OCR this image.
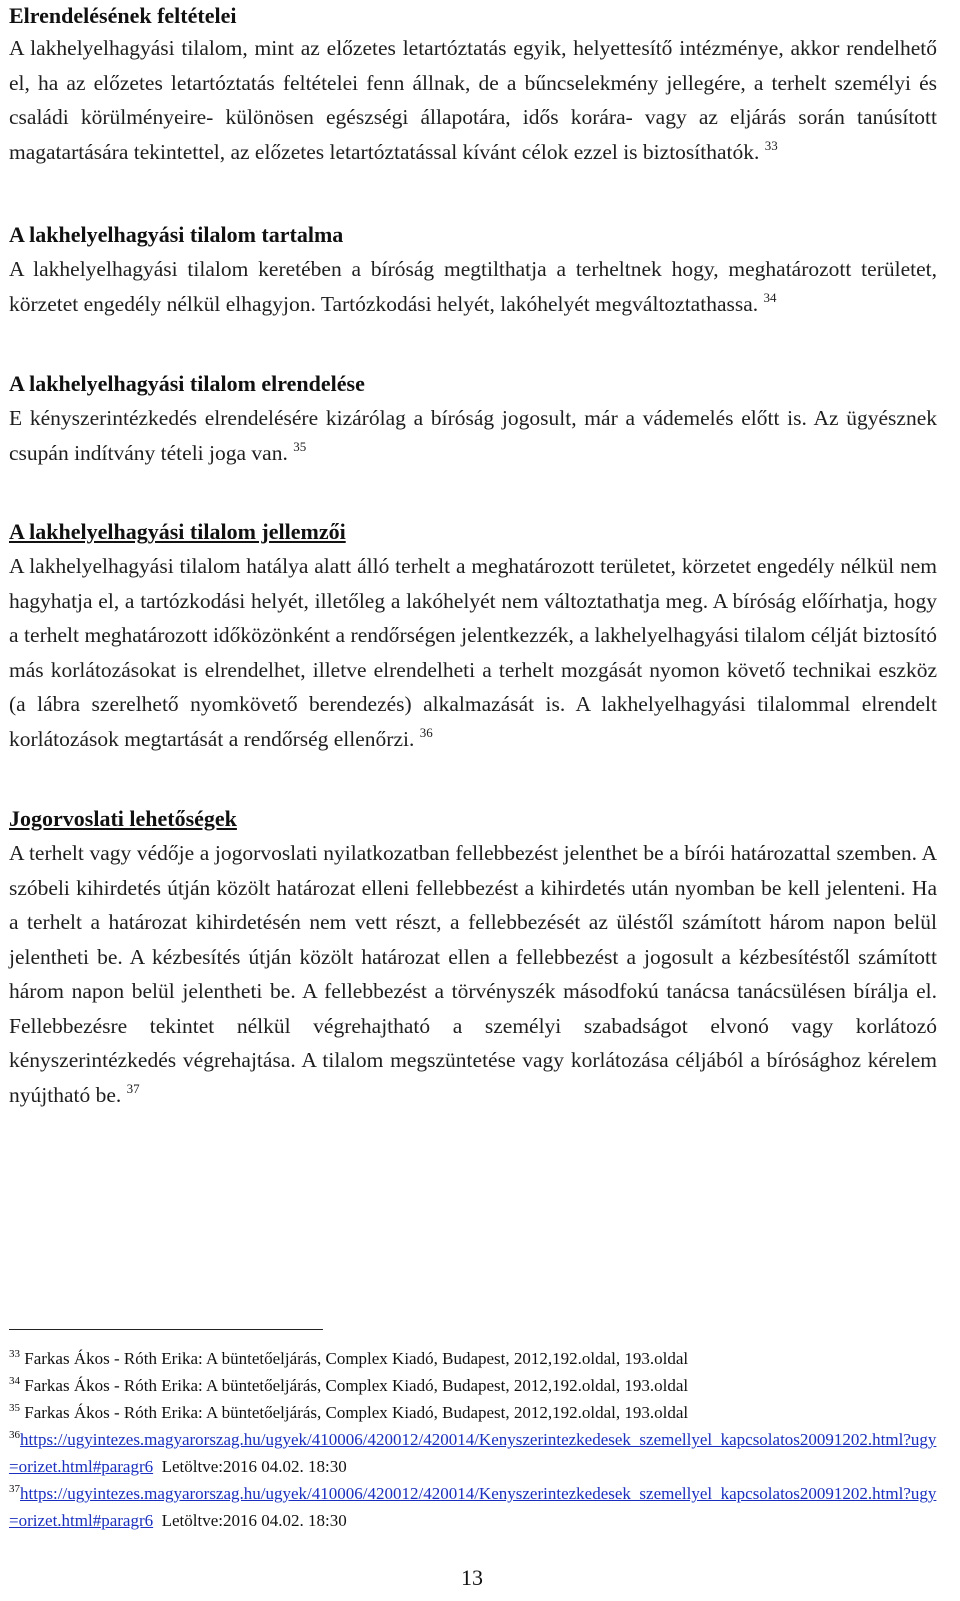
Elrendelésének feltételei

A lakhelyelhagyási tilalom, mint az előzetes letartóztatás egyik, helyettesítő intézménye, akkor rendelhető el, ha az előzetes letartóztatás feltételei fenn állnak, de a bűncselekmény jellegére, a terhelt személyi és családi körülményeire- különösen egészségi állapotára, idős korára- vagy az eljárás során tanúsított magatartására tekintettel, az előzetes letartóztatással kívánt célok ezzel is biztosíthatók. $^{33}$

A lakhelyelhagyási tilalom tartalma

A lakhelyelhagyási tilalom keretében a bíróság megtilthatja a terheltnek hogy, meghatározott területet, körzetet engedély nélkül elhagyjon. Tartózkodási helyét, lakóhelyét megváltoztathassa. $^{34}$

A lakhelyelhagyási tilalom elrendelése

E kényszerintézkedés elrendelésére kizárólag a bíróság jogosult, már a vádemelés előtt is. Az ügyésznek csupán indítvány tételi joga van. $^{35}$

A lakhelyelhagyási tilalom jellemzői

A lakhelyelhagyási tilalom hatálya alatt álló terhelt a meghatározott területet, körzetet engedély nélkül nem hagyhatja el, a tartózkodási helyét, illetőleg a lakóhelyét nem változtathatja meg. A bíróság előírhatja, hogy a terhelt meghatározott időközönként a rendőrségen jelentkezzék, a lakhelyelhagyási tilalom célját biztosító más korlátozásokat is elrendelhet, illetve elrendelheti a terhelt mozgását nyomon követő technikai eszköz (a lábra szerelhető nyomkövető berendezés) alkalmazását is. A lakhelyelhagyási tilalommal elrendelt korlátozások megtartását a rendőrség ellenőrzi. $^{36}$

Jogorvoslati lehetőségek

A terhelt vagy védője a jogorvoslati nyilatkozatban fellebbezést jelenthet be a bírói határozattal szemben. A szóbeli kihirdetés útján közölt határozat elleni fellebbezést a kihirdetés után nyomban be kell jelenteni. Ha a terhelt a határozat kihirdetésén nem vett részt, a fellebbezését az üléstől számított három napon belül jelentheti be. A kézbesítés útján közölt határozat ellen a fellebbezést a jogosult a kézbesítéstől számított három napon belül jelentheti be. A fellebbezést a törvényszék másodfokú tanácsa tanácsülésen bírálja el. Fellebbezésre tekintet nélkül végrehajtható a személyi szabadságot elvonó vagy korlátozó kényszerintézkedés végrehajtása. A tilalom megszüntetése vagy korlátozása céljából a bírósághoz kérelem nyújtható be. $^{37}$

$^{33}$ Farkas Ákos - Róth Erika: A büntetőeljárás, Complex Kiadó, Budapest, 2012,192.oldal, 193.oldal
$^{34}$ Farkas Ákos - Róth Erika: A büntetőeljárás, Complex Kiadó, Budapest, 2012,192.oldal, 193.oldal
$^{35}$ Farkas Ákos - Róth Erika: A büntetőeljárás, Complex Kiadó, Budapest, 2012,192.oldal, 193.oldal
$^{36}$https://ugyintezes.magyarorszag.hu/ugyek/410006/420012/420014/Kenyszerintezkedesek_szemellyel_kapcsolatos20091202.html?ugy=orizet.html#paragr6 Letöltve:2016 04.02. 18:30
$^{37}$https://ugyintezes.magyarorszag.hu/ugyek/410006/420012/420014/Kenyszerintezkedesek_szemellyel_kapcsolatos20091202.html?ugy=orizet.html#paragr6 Letöltve:2016 04.02. 18:30
13
